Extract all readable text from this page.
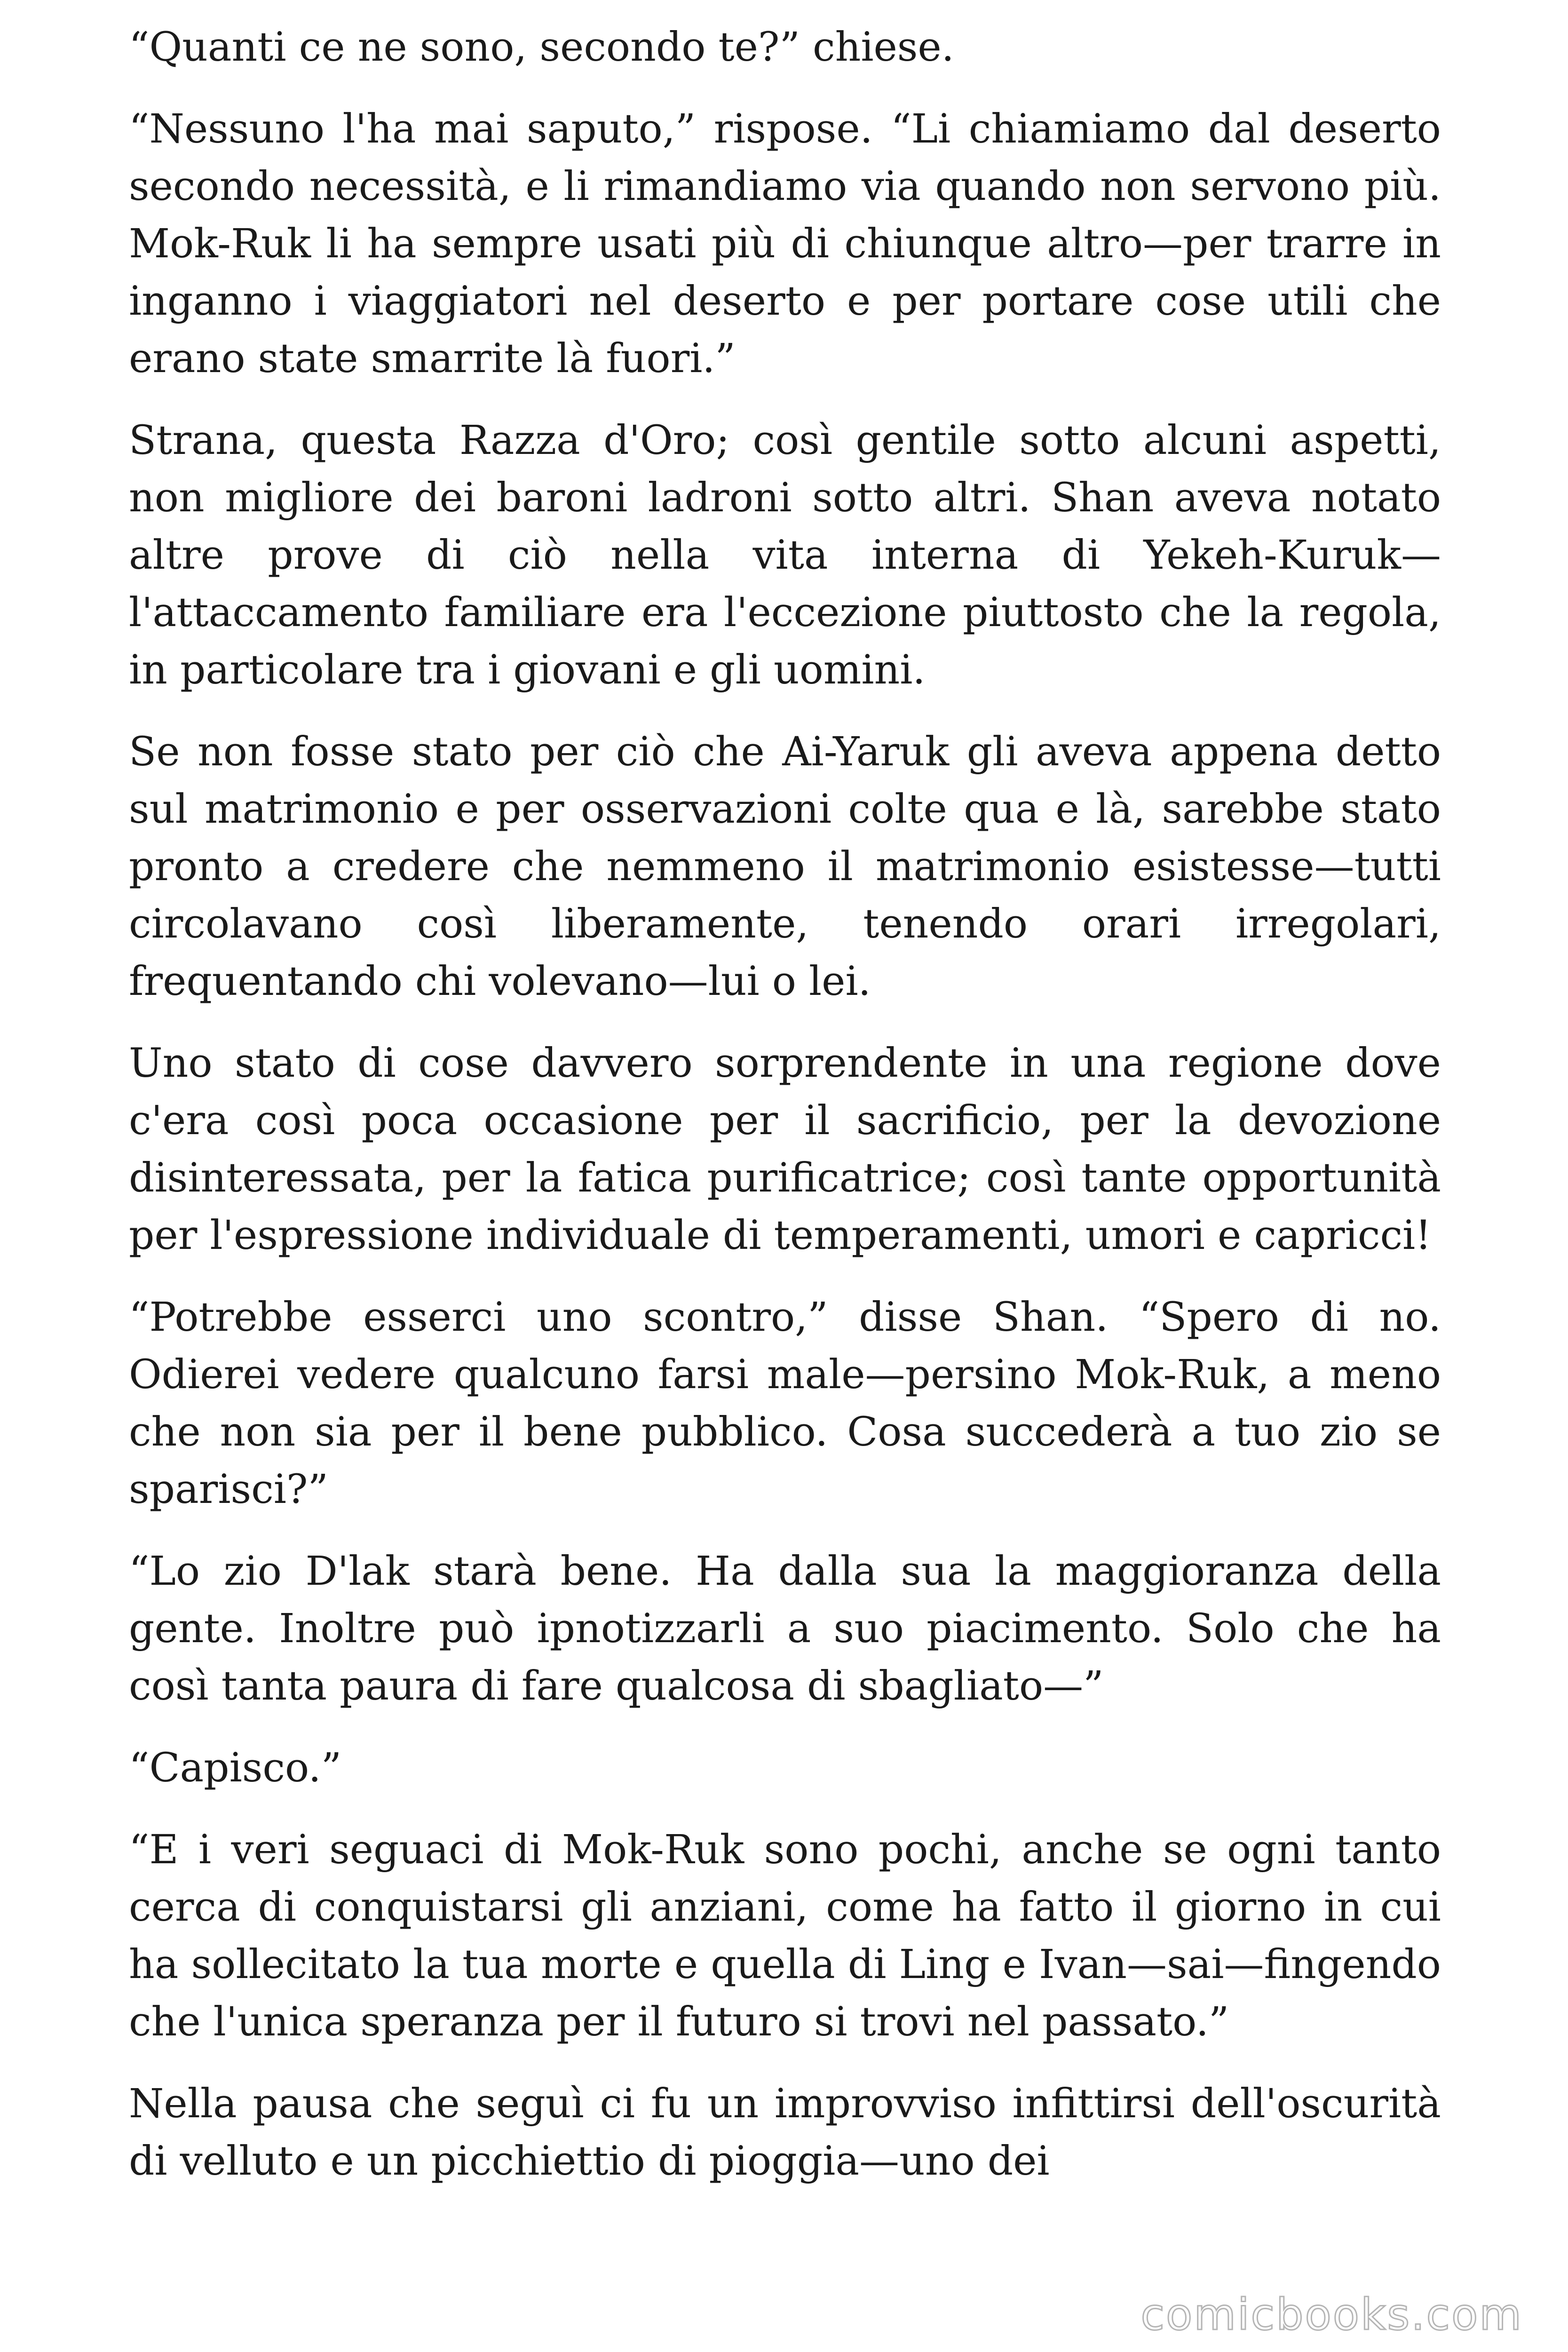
“Quanti ce ne sono, secondo te?” chiese.

“Nessuno l'ha mai saputo,” rispose. “Li chiamiamo dal deserto secondo necessità, e li rimandiamo via quando non servono più. Mok-Ruk li ha sempre usati più di chiunque altro—per trarre in inganno i viaggiatori nel deserto e per portare cose utili che erano state smarrite là fuori.”

Strana, questa Razza d'Oro; così gentile sotto alcuni aspetti, non migliore dei baroni ladroni sotto altri. Shan aveva notato altre prove di ciò nella vita interna di Yekeh-Kuruk—l'attaccamento familiare era l'eccezione piuttosto che la regola, in particolare tra i giovani e gli uomini.

Se non fosse stato per ciò che Ai-Yaruk gli aveva appena detto sul matrimonio e per osservazioni colte qua e là, sarebbe stato pronto a credere che nemmeno il matrimonio esistesse—tutti circolavano così liberamente, tenendo orari irregolari, frequentando chi volevano—lui o lei.

Uno stato di cose davvero sorprendente in una regione dove c'era così poca occasione per il sacrificio, per la devozione disinteressata, per la fatica purificatrice; così tante opportunità per l'espressione individuale di temperamenti, umori e capricci!

“Potrebbe esserci uno scontro,” disse Shan. “Spero di no. Odierei vedere qualcuno farsi male—persino Mok-Ruk, a meno che non sia per il bene pubblico. Cosa succederà a tuo zio se sparisci?”

“Lo zio D'lak starà bene. Ha dalla sua la maggioranza della gente. Inoltre può ipnotizzarli a suo piacimento. Solo che ha così tanta paura di fare qualcosa di sbagliato—”

“Capisco.”

“E i veri seguaci di Mok-Ruk sono pochi, anche se ogni tanto cerca di conquistarsi gli anziani, come ha fatto il giorno in cui ha sollecitato la tua morte e quella di Ling e Ivan—sai—fingendo che l'unica speranza per il futuro si trovi nel passato.”

Nella pausa che seguì ci fu un improvviso infittirsi dell'oscurità di velluto e un picchiettio di pioggia—uno dei

comicbooks.com
